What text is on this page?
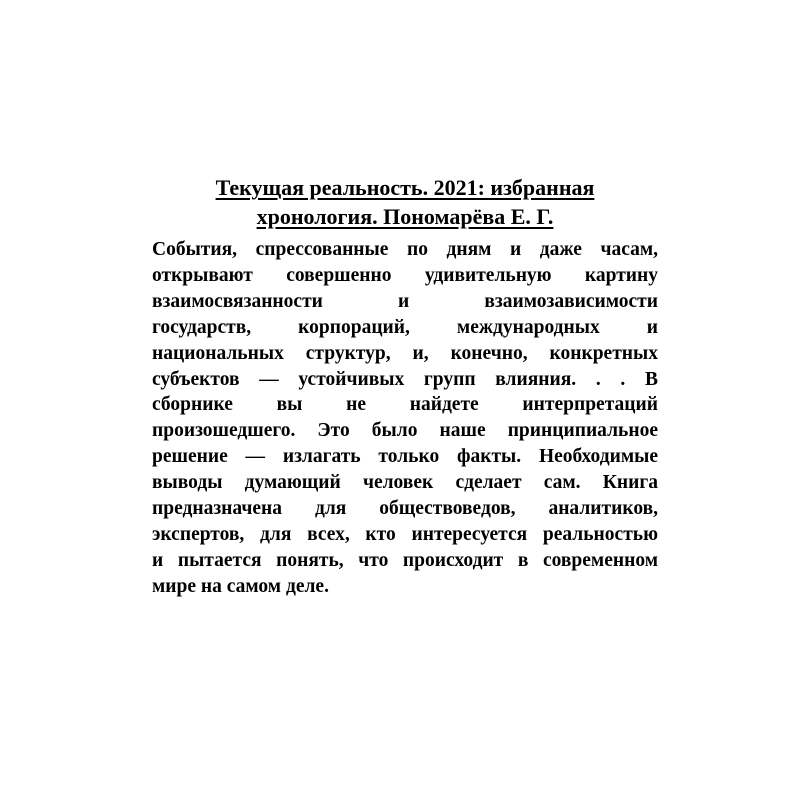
Текущая реальность. 2021: избранная
хронология. Пономарёва Е. Г.
События, спрессованные по дням и даже часам,
открывают совершенно удивительную картину
взаимосвязанности и взаимозависимости
государств, корпораций, международных и
национальных структур, и, конечно, конкретных
субъектов — устойчивых групп влияния. . . В
сборнике вы не найдете интерпретаций
произошедшего. Это было наше принципиальное
решение — излагать только факты. Необходимые
выводы думающий человек сделает сам. Книга
предназначена для обществоведов, аналитиков,
экспертов, для всех, кто интересуется реальностью
и пытается понять, что происходит в современном
мире на самом деле.
